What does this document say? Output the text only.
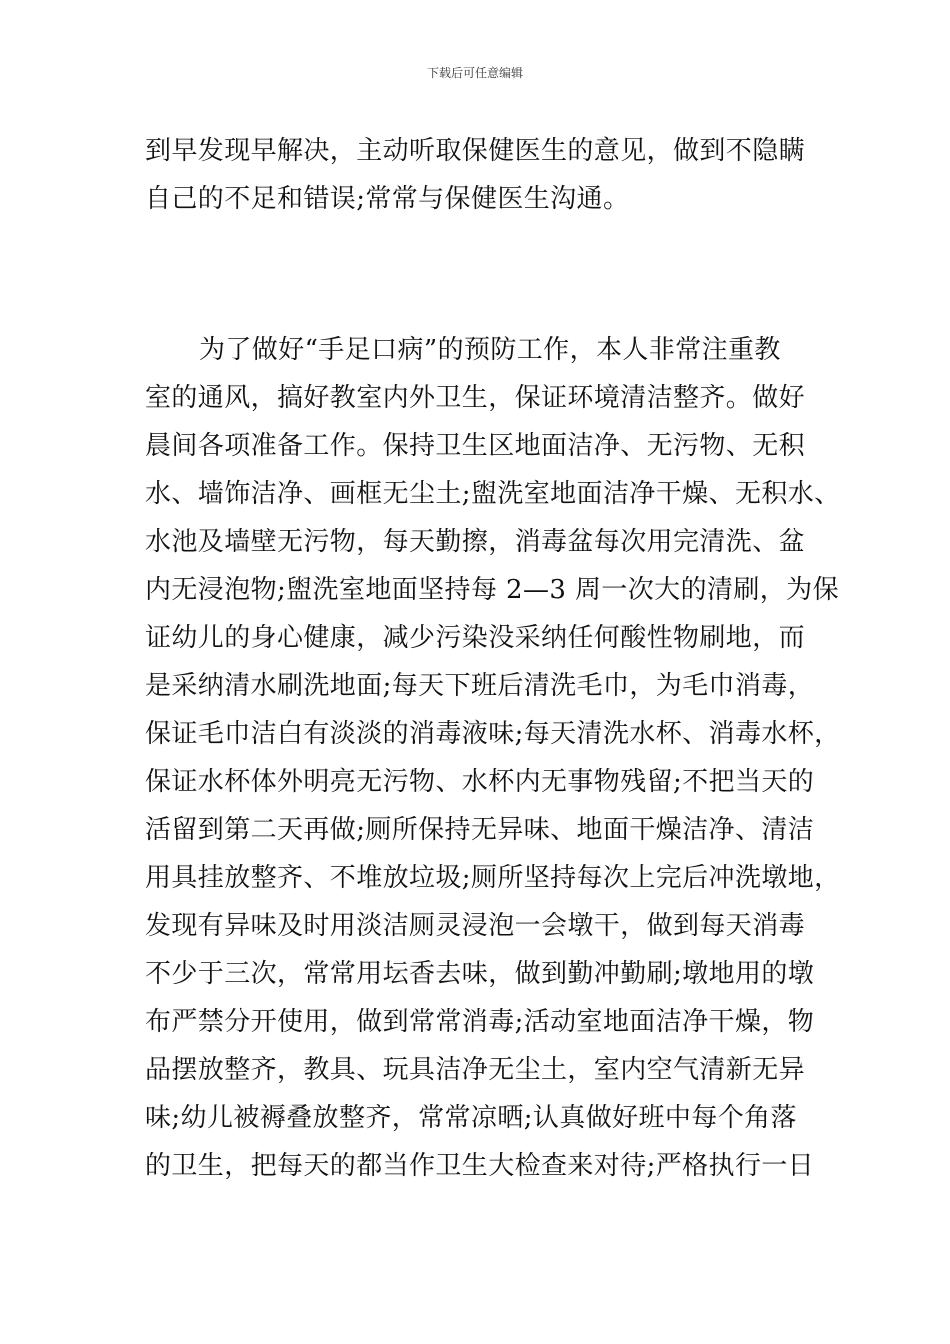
下载后可任意编辑
到早发现早解决，主动听取保健医生的意见，做到不隐瞒
自己的不足和错误;常常与保健医生沟通。
为了做好“手足口病”的预防工作，本人非常注重教
室的通风，搞好教室内外卫生，保证环境清洁整齐。做好
晨间各项准备工作。保持卫生区地面洁净、无污物、无积
水、墙饰洁净、画框无尘土;盥洗室地面洁净干燥、无积水、
水池及墙壁无污物，每天勤擦，消毒盆每次用完清洗、盆
内无浸泡物;盥洗室地面坚持每 2—3 周一次大的清刷，为保
证幼儿的身心健康，减少污染没采纳任何酸性物刷地，而
是采纳清水刷洗地面;每天下班后清洗毛巾，为毛巾消毒，
保证毛巾洁白有淡淡的消毒液味;每天清洗水杯、消毒水杯，
保证水杯体外明亮无污物、水杯内无事物残留;不把当天的
活留到第二天再做;厕所保持无异味、地面干燥洁净、清洁
用具挂放整齐、不堆放垃圾;厕所坚持每次上完后冲洗墩地，
发现有异味及时用淡洁厕灵浸泡一会墩干，做到每天消毒
不少于三次，常常用坛香去味，做到勤冲勤刷;墩地用的墩
布严禁分开使用，做到常常消毒;活动室地面洁净干燥，物
品摆放整齐，教具、玩具洁净无尘土，室内空气清新无异
味;幼儿被褥叠放整齐，常常凉晒;认真做好班中每个角落
的卫生，把每天的都当作卫生大检查来对待;严格执行一日
